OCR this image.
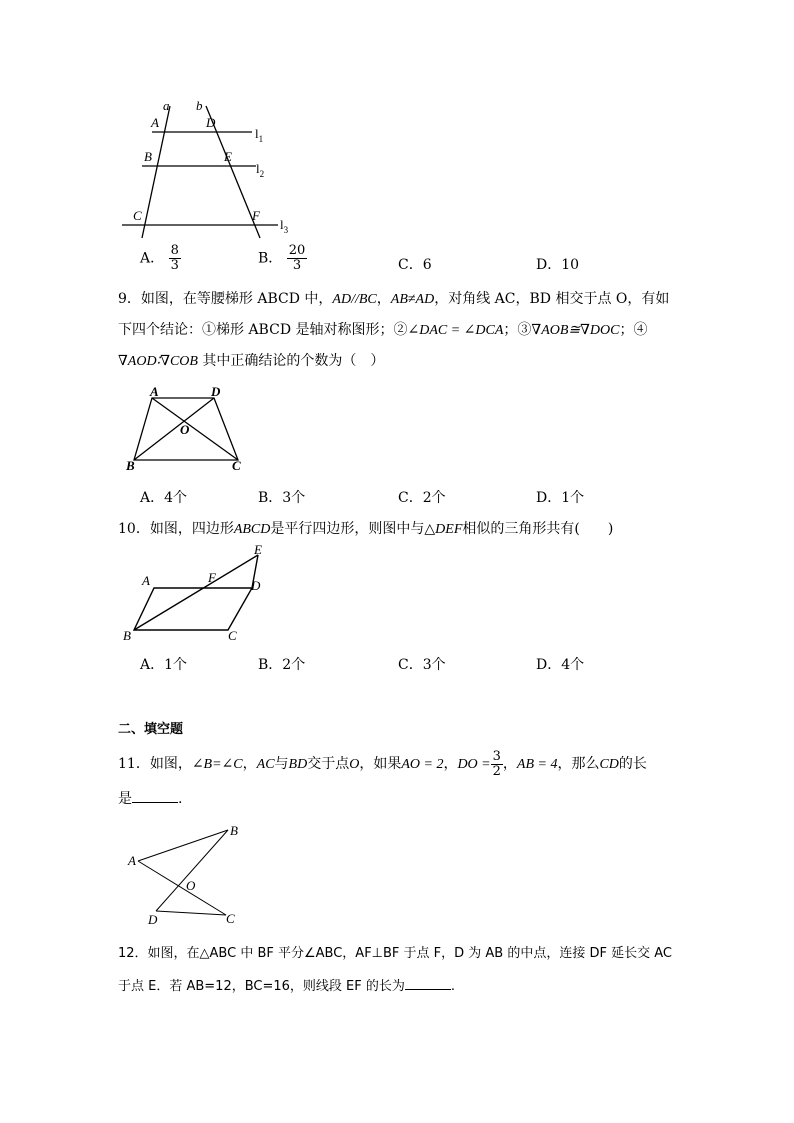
a b
A	D
B	E
C	F
$l_1$
$l_2$
$l_3$
A． $\frac{8}{3}$	B． $\frac{20}{3}$	C．6	D．10
9．如图，在等腰梯形 ABCD 中，AD//BC，AB≠AD，对角线 AC，BD 相交于点 O，有如
下四个结论：①梯形 ABCD 是轴对称图形；②∠DAC = ∠DCA；③∇AOB≅∇DOC；④
∇AOD∶∇COB 其中正确结论的个数为（　）
A	D
O
B	C
A．4个	B．3个	C．2个	D．1个
10．如图，四边形ABCD是平行四边形，则图中与△DEF相似的三角形共有(　　)
A
E
F
D
B	C
A．1个	B．2个	C．3个	D．4个
二、填空题
11．如图，∠B=∠C，AC与BD交于点O，如果AO = 2，DO = $\frac{3}{2}$ ，AB = 4，那么CD的长
是	.
A
B
O
D	C
12．如图，在△ABC 中 BF 平分∠ABC，AF⊥BF 于点 F，D 为 AB 的中点，连接 DF 延长交 AC
于点 E．若 AB=12，BC=16，则线段 EF 的长为	.
